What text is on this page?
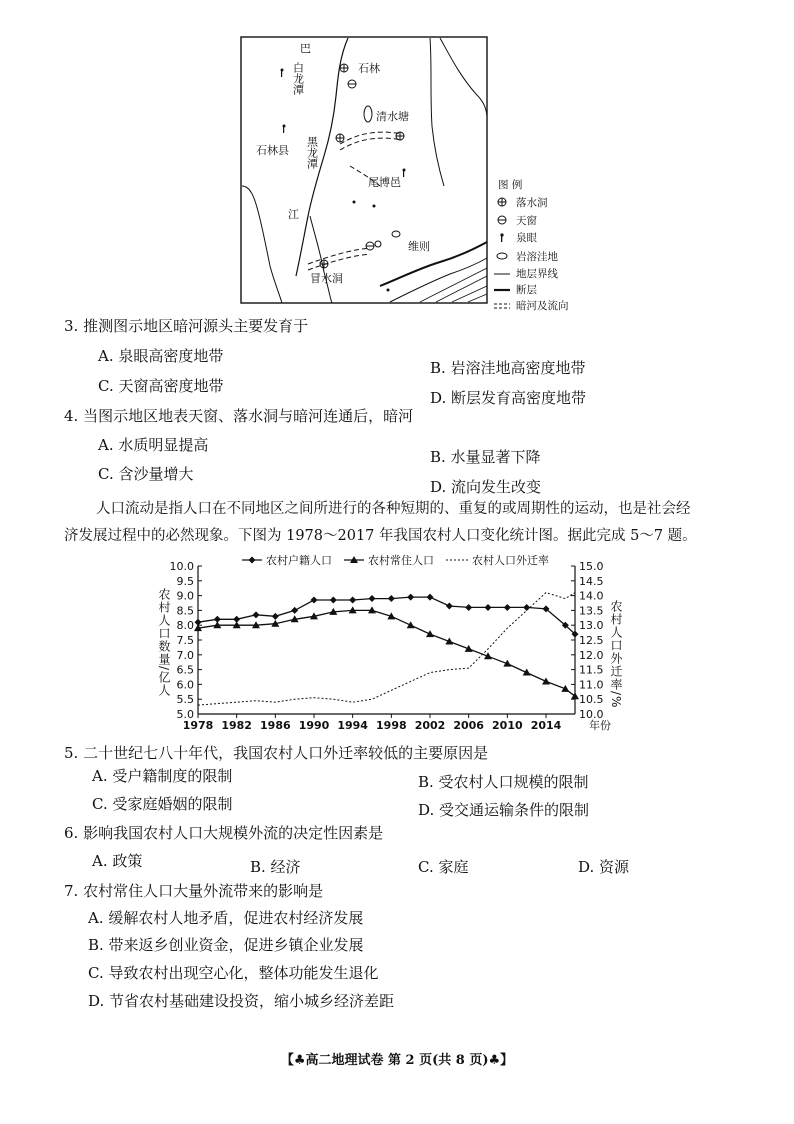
巴
白龙潭	石林
清水塘
黑龙潭
石林县
尾博邑
江
维则
冒水洞
图 例
落水洞
天窗
泉眼
岩溶洼地
地层界线
断层
暗河及流向
3. 推测图示地区暗河源头主要发育于
A. 泉眼高密度地带
B. 岩溶洼地高密度地带
C. 天窗高密度地带
D. 断层发育高密度地带
4. 当图示地区地表天窗、落水洞与暗河连通后，暗河
A. 水质明显提高
B. 水量显著下降
C. 含沙量增大
D. 流向发生改变
人口流动是指人口在不同地区之间所进行的各种短期的、重复的或周期性的运动，也是社会经
济发展过程中的必然现象。下图为 1978～2017 年我国农村人口变化统计图。据此完成 5～7 题。
10.0
9.5
9.0
8.5
8.0
7.5
7.0
6.5
6.0
5.5
5.0
15.0
14.5
14.0
13.5
13.0
12.5
12.0
11.5
11.0
10.5
10.0
1978 1982 1986 1990 1994 1998 2002 2006 2010 2014	年份
农村人口数量/亿人	农村人口外迁率/%
农村户籍人口	农村常住人口	农村人口外迁率
5. 二十世纪七八十年代，我国农村人口外迁率较低的主要原因是
A. 受户籍制度的限制	B. 受农村人口规模的限制
C. 受家庭婚姻的限制	D. 受交通运输条件的限制
6. 影响我国农村人口大规模外流的决定性因素是
A. 政策	B. 经济	C. 家庭	D. 资源
7. 农村常住人口大量外流带来的影响是
A. 缓解农村人地矛盾，促进农村经济发展
B. 带来返乡创业资金，促进乡镇企业发展
C. 导致农村出现空心化，整体功能发生退化
D. 节省农村基础建设投资，缩小城乡经济差距
【♣高二地理试卷 第 2 页(共 8 页)♣】
